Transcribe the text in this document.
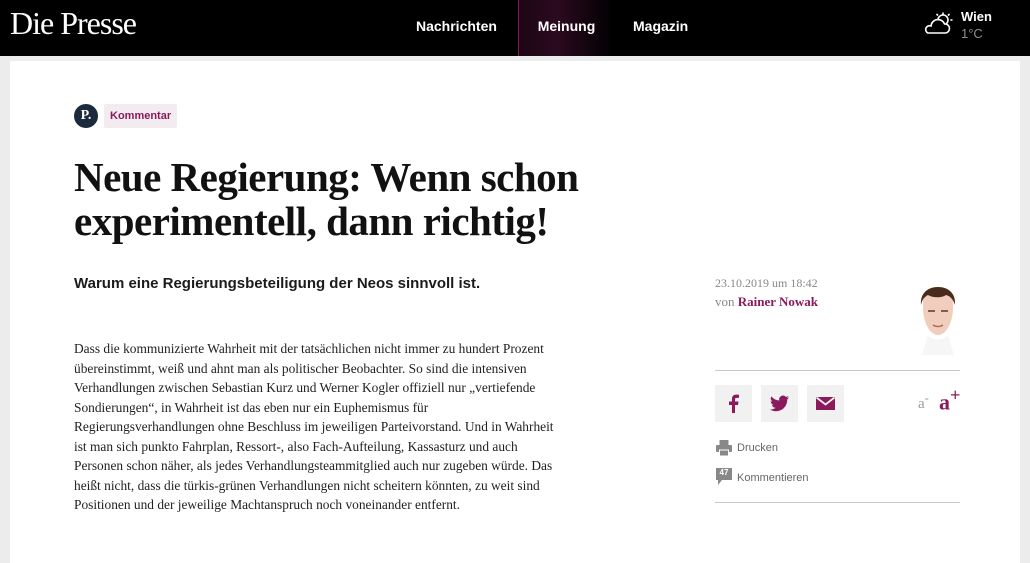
Die Presse	Nachrichten	Meinung	Magazin
Wien
1°C
P.	Kommentar
Neue Regierung: Wenn schon experimentell, dann richtig!
Warum eine Regierungsbeteiligung der Neos sinnvoll ist.

Dass die kommunizierte Wahrheit mit der tatsächlichen nicht immer zu hundert Prozent übereinstimmt, weiß und ahnt man als politischer Beobachter. So sind die intensiven Verhandlungen zwischen Sebastian Kurz und Werner Kogler offiziell nur „vertiefende Sondierungen“, in Wahrheit ist das eben nur ein Euphemismus für Regierungsverhandlungen ohne Beschluss im jeweiligen Parteivorstand. Und in Wahrheit ist man sich punkto Fahrplan, Ressort-, also Fach-Aufteilung, Kassasturz und auch Personen schon näher, als jedes Verhandlungsteammitglied auch nur zugeben würde. Das heißt nicht, dass die türkis-grünen Verhandlungen nicht scheitern könnten, zu weit sind Positionen und der jeweilige Machtanspruch noch voneinander entfernt.

23.10.2019 um 18:42
von Rainer Nowak
a- a+
Drucken
47 Kommentieren
